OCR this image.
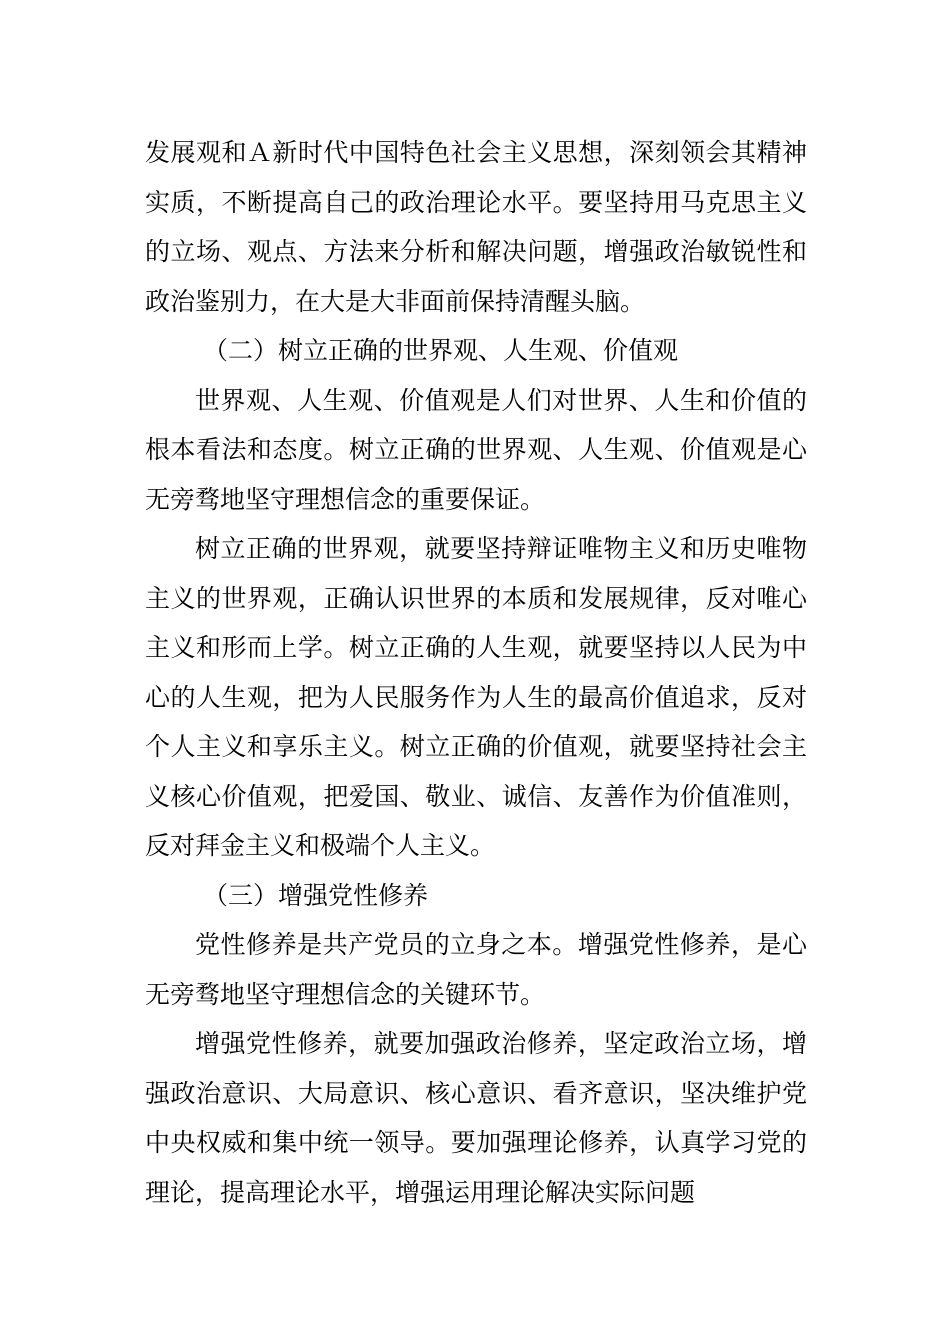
发展观和Ａ新时代中国特色社会主义思想，深刻领会其精神实质，不断提高自己的政治理论水平。要坚持用马克思主义的立场、观点、方法来分析和解决问题，增强政治敏锐性和政治鉴别力，在大是大非面前保持清醒头脑。

（二）树立正确的世界观、人生观、价值观

世界观、人生观、价值观是人们对世界、人生和价值的根本看法和态度。树立正确的世界观、人生观、价值观是心无旁骛地坚守理想信念的重要保证。

树立正确的世界观，就要坚持辩证唯物主义和历史唯物主义的世界观，正确认识世界的本质和发展规律，反对唯心主义和形而上学。树立正确的人生观，就要坚持以人民为中心的人生观，把为人民服务作为人生的最高价值追求，反对个人主义和享乐主义。树立正确的价值观，就要坚持社会主义核心价值观，把爱国、敬业、诚信、友善作为价值准则，反对拜金主义和极端个人主义。

（三）增强党性修养

党性修养是共产党员的立身之本。增强党性修养，是心无旁骛地坚守理想信念的关键环节。

增强党性修养，就要加强政治修养，坚定政治立场，增强政治意识、大局意识、核心意识、看齐意识，坚决维护党中央权威和集中统一领导。要加强理论修养，认真学习党的理论，提高理论水平，增强运用理论解决实际问题
